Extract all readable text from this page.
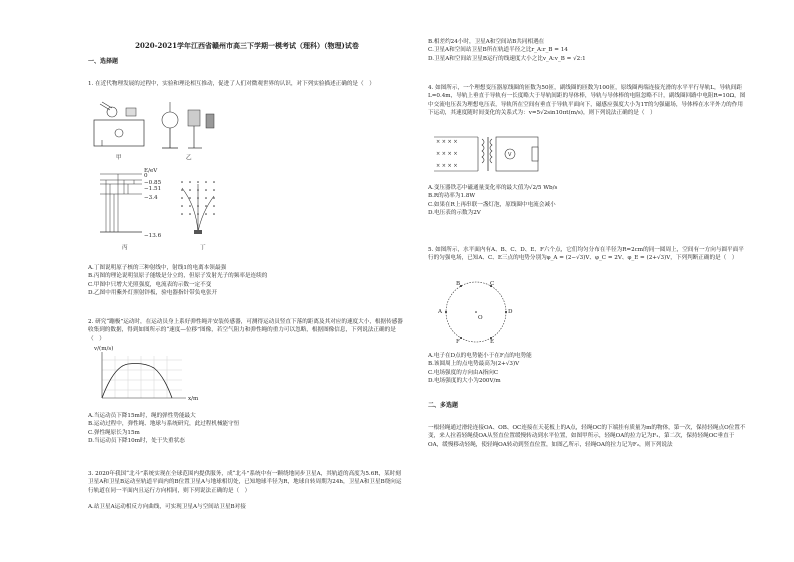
2020-2021学年江西省赣州市高三下学期一模考试（理科）（物理)试卷
一、选择题
1. 在近代物理发展的过程中，实验和理论相互推动，促进了人们对微观世界的认识，对下列实验描述正确的是（　）
甲	乙
E/eV
0
−0.85
−1.51
−3.4
−13.6
丙	丁
A.丁图说明原子核的三种射线中，射线1的电离本领最强
B.丙图的理论说明氢原子能级是分立的，但原子发射光子的频率是连续的
C.甲图中只增大光照强度，电流表的示数一定不变
D.乙图中用紫外灯照射锌板，验电器指针带负电张开
2. 研究“蹦极”运动时，在运动员身上系好弹性绳并安装传感器，可测得运动员竖直下落的距离及其对应的速度大小，根据传感器收集到的数据，得到如图所示的“速度—位移”图像，若空气阻力和弹性绳的重力可以忽略，根据图像信息，下列说法正确的是（　）
v/(m/s)
x/m
A.当运动员下降15m时，绳的弹性势能最大
B.运动过程中，弹性绳、地球与系统研究，此过程机械能守恒
C.弹性绳原长为15m
D.当运动员下降10m时，处于失重状态
3. 2020年我国“北斗”系统实现在全球范围内提供服务，成“北斗”系统中有一颗绕地同步卫星A，其轨道的高度为5.6R，某时刻卫星A和卫星B运动至轨道平面内的B位置卫星A与地球相切处，已知地球半径为R，地球自转周期为24h，卫星A和卫星B绕向运行轨道在同一平面内且运行方向相同，则下列说法正确的是（　）
A.站卫星A运动相反方向曲线，可实现卫星A与空间站卫星B对接
B.相差约24小时，卫星A和空间站B共同相遇在
C.卫星A和空间站卫星B所在轨道半径之比r_A:r_B = 14
D.卫星A和空间站卫星B运行的线速度大小之比v_A:v_B = √2:1
4. 如图所示，一个理想变压器原线圈的匝数为50匝，副线圈的匝数为100匝，原线圈两端连接光滑的水平平行导轨L，导轨间距L=0.4m，导轨上垂直于导轨有一长度略大于导轨间距的导体棒，导轨与导体棒的电阻忽略不计，副线圈回路中电阻R=10Ω，图中交流电压表为理想电压表，导轨所在空间有垂直于导轨平面向下，磁感应强度大小为1T的匀强磁场，导体棒在水平外力的作用下运动，其速度随时间变化的关系式为：v=5√2sin10πt(m/s)，则下列说法正确的是（　）
× × × ×
× × × ×
× × × ×
V
A.变压器铁芯中磁通量变化率的最大值为√2/5 Wb/s
B.R的功率为1.8W
C.如果在R上再串联一盏灯泡，原线圈中电流会减小
D.电压表的示数为2V
5. 如图所示，水平面内有A、B、C、D、E、F六个点，它们均匀分布在半径为R=2cm的同一圆周上，空间有一方向与圆平面平行的匀强电场，已知A、C、E三点的电势分别为φ_A = (2−√3)V、φ_C = 2V、φ_E = (2+√3)V，下列判断正确的是（　）
A
B	C
D
E
F
O
A.电子在D点的电势能小于在F点的电势能
B.该圆周上的点电势最高为(2+√3)V
C.电场强度的方向由A指向C
D.电场强度的大小为200V/m
二、多选题
一根轻绳通过滑轮连接OA、OB、OC连接在天花板上的A点，轻绳OC的下端挂有质量为m的物体，第一次，保持轻绳点O位置不变，来人拉着轻绳使OA从竖直位置缓慢转动到水平位置，如图甲所示，轻绳OA的拉力记为F₁，第二次，保持轻绳OC垂直于OA，缓慢移动轻绳，使轻绳OA转动到竖直位置，如图乙所示，轻绳OA的拉力记为F₂，则下列说法
